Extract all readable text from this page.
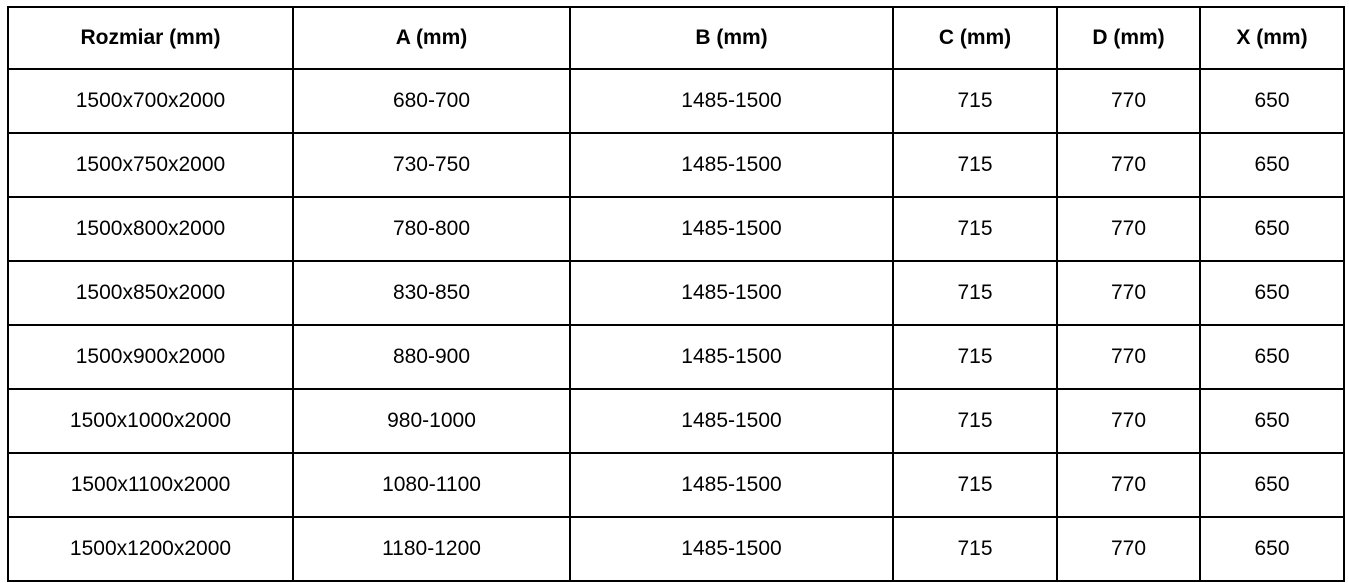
Rozmiar (mm)	A (mm)	B (mm)	C (mm)	D (mm)	X (mm)
1500x700x2000	680-700	1485-1500	715	770	650
1500x750x2000	730-750	1485-1500	715	770	650
1500x800x2000	780-800	1485-1500	715	770	650
1500x850x2000	830-850	1485-1500	715	770	650
1500x900x2000	880-900	1485-1500	715	770	650
1500x1000x2000	980-1000	1485-1500	715	770	650
1500x1100x2000	1080-1100	1485-1500	715	770	650
1500x1200x2000	1180-1200	1485-1500	715	770	650
